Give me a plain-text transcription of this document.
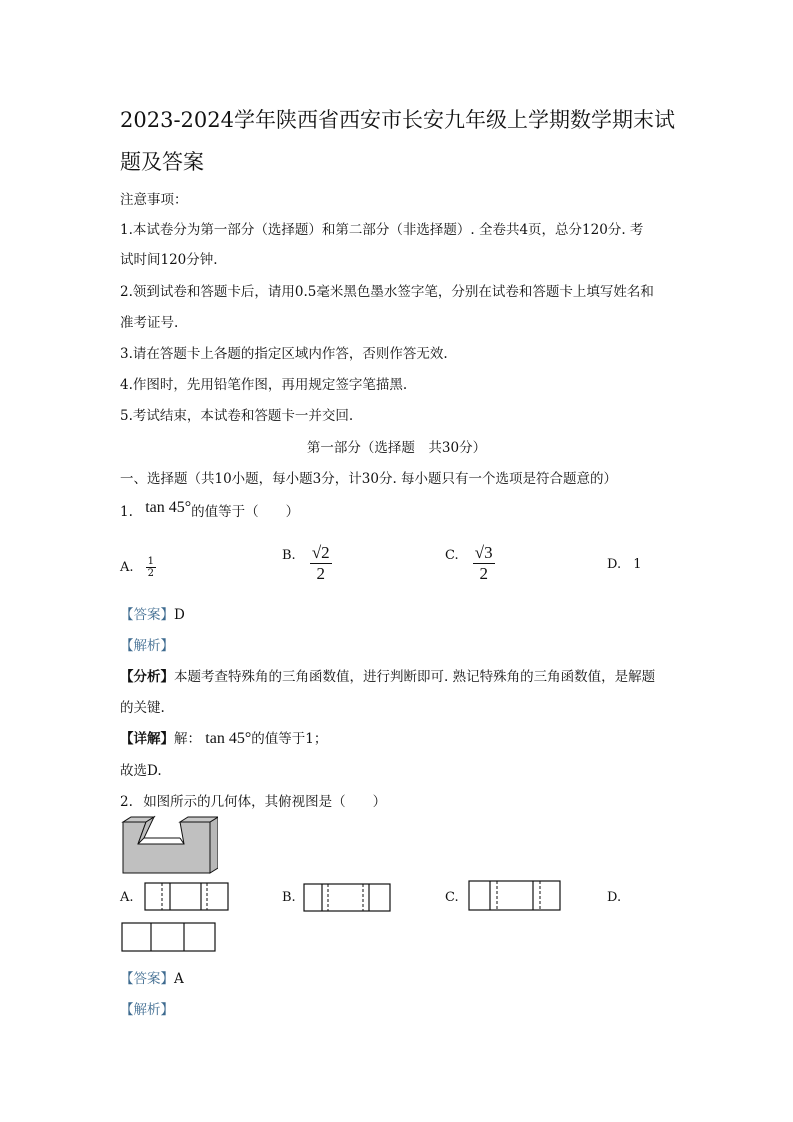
2023-2024学年陕西省西安市长安九年级上学期数学期末试
题及答案
注意事项：
1.本试卷分为第一部分（选择题）和第二部分（非选择题）. 全卷共4页，总分120分. 考
试时间120分钟.
2.领到试卷和答题卡后，请用0.5毫米黑色墨水签字笔，分别在试卷和答题卡上填写姓名和
准考证号.
3.请在答题卡上各题的指定区域内作答，否则作答无效.
4.作图时，先用铅笔作图，再用规定签字笔描黑.
5.考试结束，本试卷和答题卡一并交回.
第一部分（选择题　共30分）
一、选择题（共10小题，每小题3分，计30分. 每小题只有一个选项是符合题意的）
1. tan 45°的值等于（　　）
A. $\frac{1}{2}$
B. $\frac{√2}{2}$	C. $\frac{√3}{2}$	D. 1
【答案】D
【解析】
【分析】本题考查特殊角的三角函数值，进行判断即可. 熟记特殊角的三角函数值，是解题
的关键.
【详解】解： tan 45°的值等于1；
故选D.
2. 如图所示的几何体，其俯视图是（　　）
A.	B.	C.	D.
【答案】A
【解析】
